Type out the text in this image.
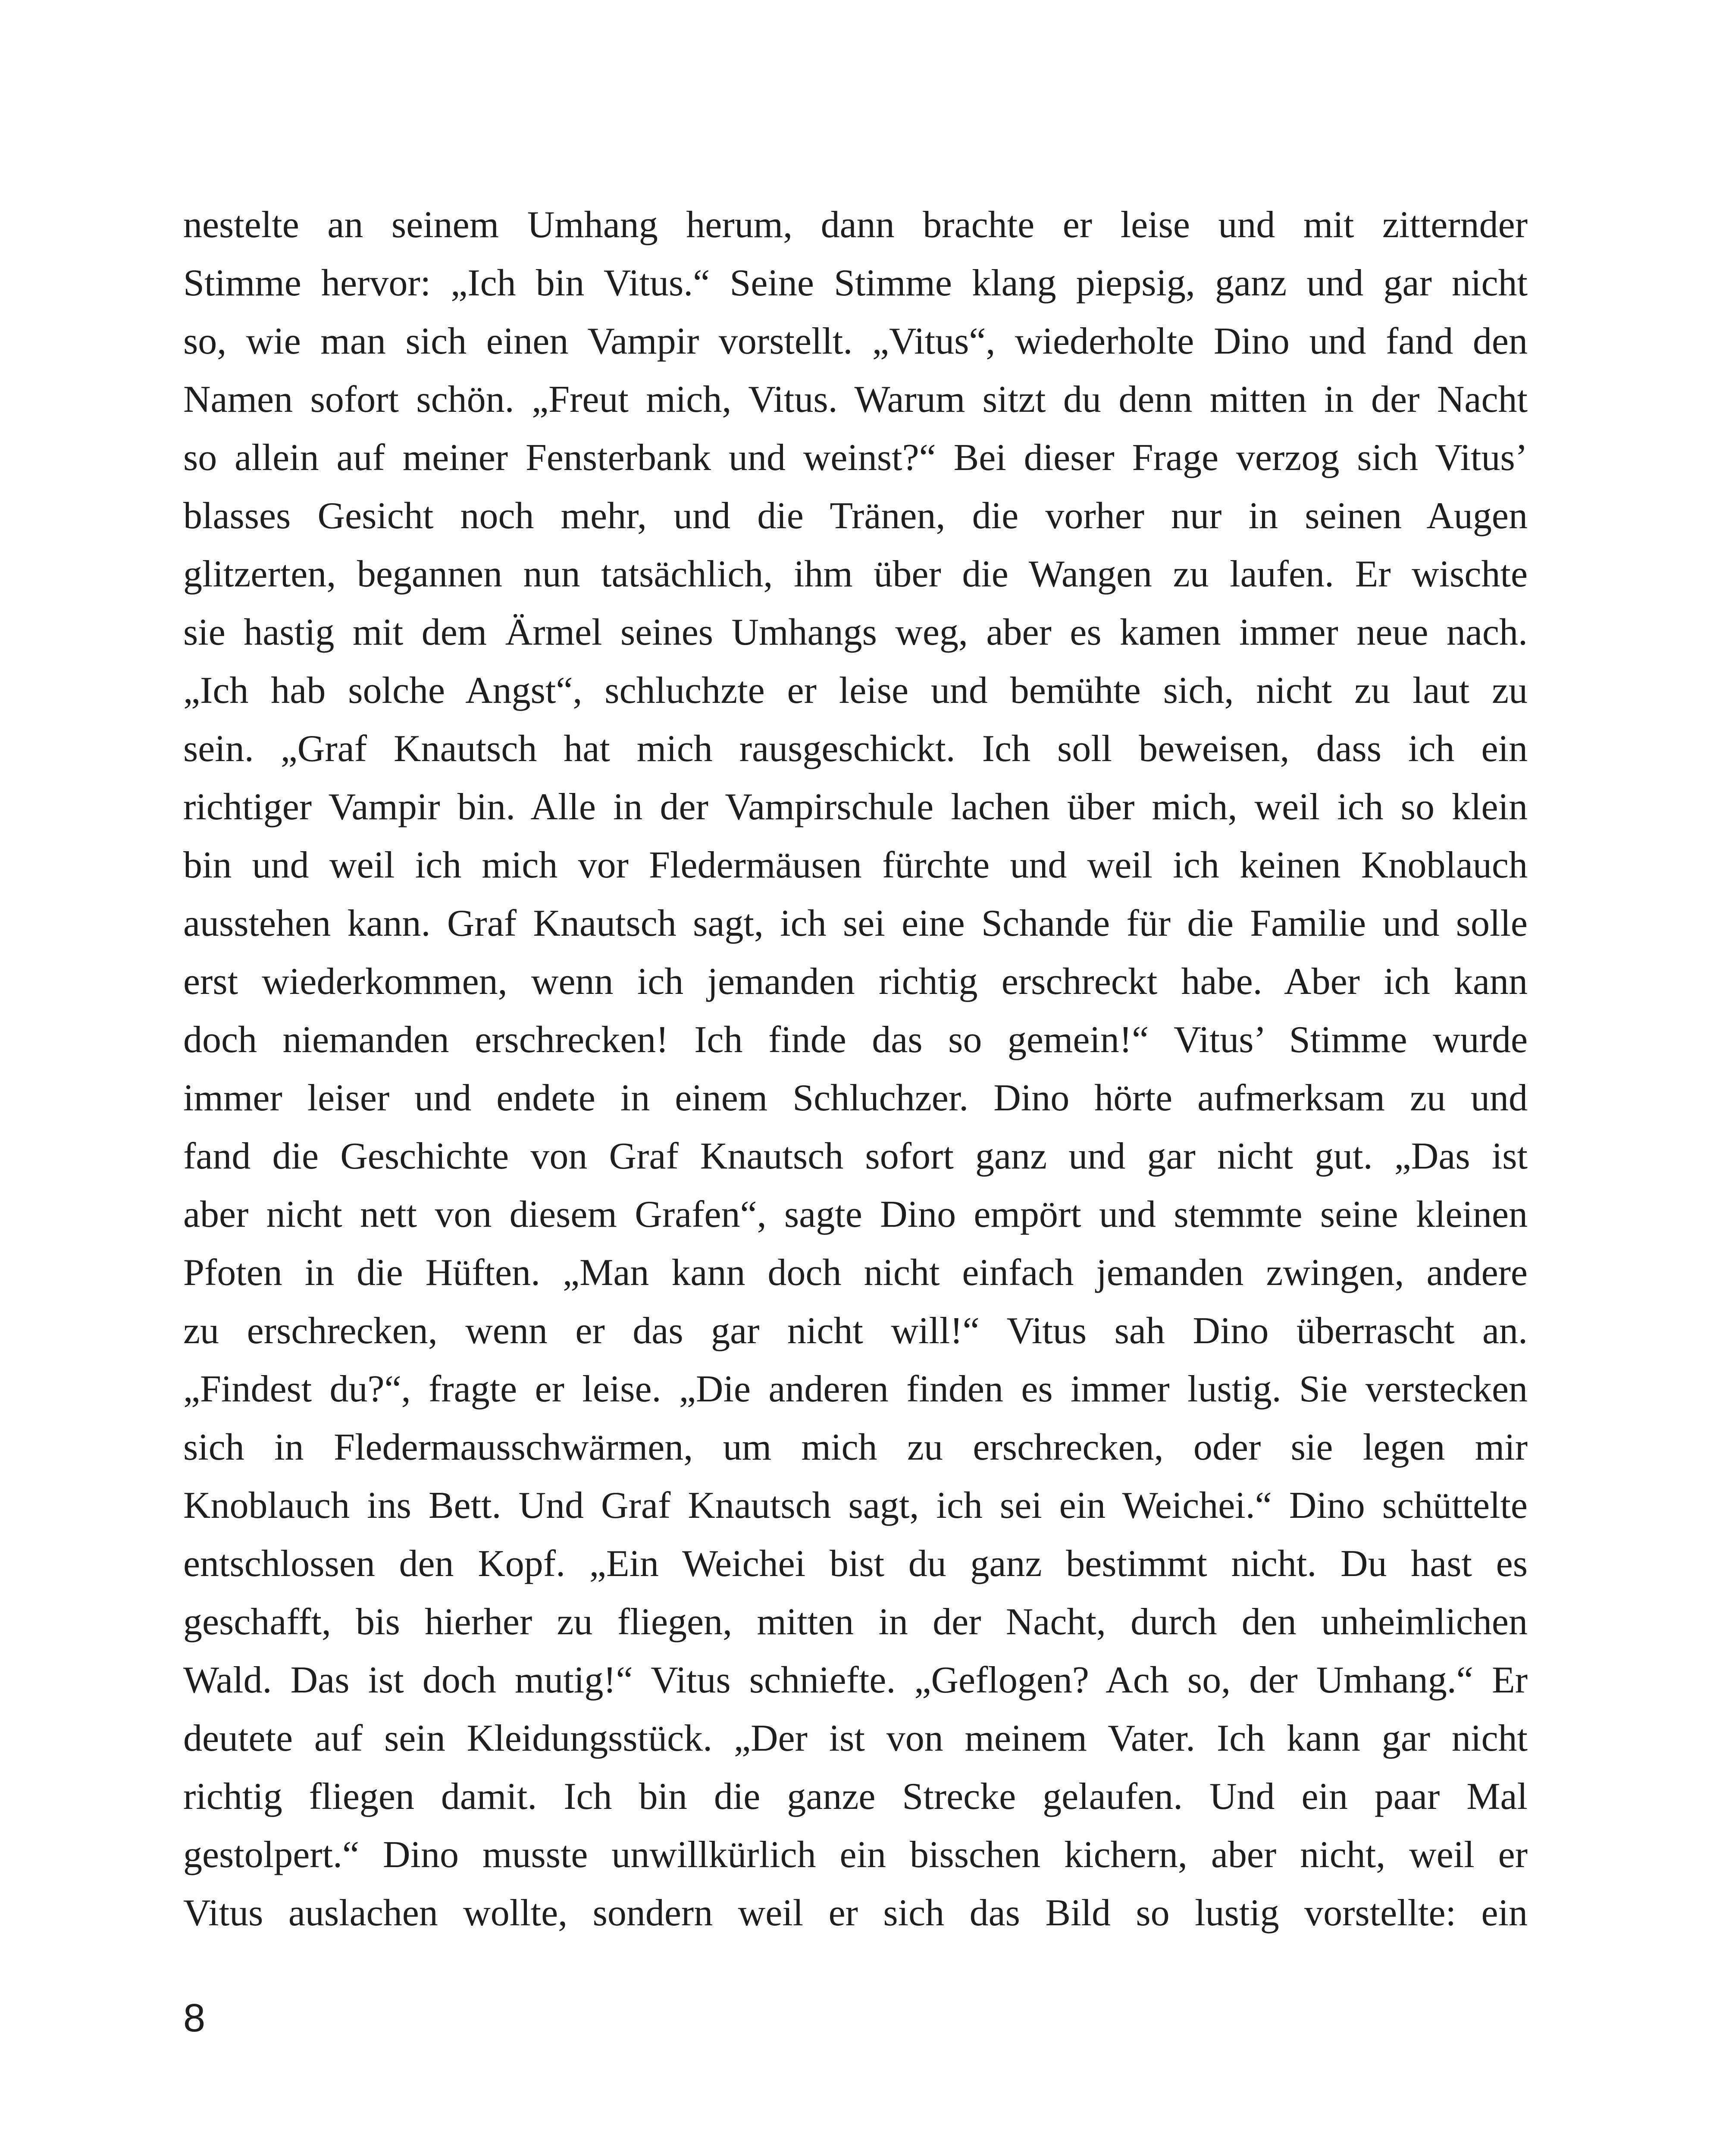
nestelte an seinem Umhang herum, dann brachte er leise und mit zitternder
Stimme hervor: „Ich bin Vitus.“ Seine Stimme klang piepsig, ganz und gar nicht
so, wie man sich einen Vampir vorstellt. „Vitus“, wiederholte Dino und fand den
Namen sofort schön. „Freut mich, Vitus. Warum sitzt du denn mitten in der Nacht
so allein auf meiner Fensterbank und weinst?“ Bei dieser Frage verzog sich Vitus’
blasses Gesicht noch mehr, und die Tränen, die vorher nur in seinen Augen
glitzerten, begannen nun tatsächlich, ihm über die Wangen zu laufen. Er wischte
sie hastig mit dem Ärmel seines Umhangs weg, aber es kamen immer neue nach.
„Ich hab solche Angst“, schluchzte er leise und bemühte sich, nicht zu laut zu
sein. „Graf Knautsch hat mich rausgeschickt. Ich soll beweisen, dass ich ein
richtiger Vampir bin. Alle in der Vampirschule lachen über mich, weil ich so klein
bin und weil ich mich vor Fledermäusen fürchte und weil ich keinen Knoblauch
ausstehen kann. Graf Knautsch sagt, ich sei eine Schande für die Familie und solle
erst wiederkommen, wenn ich jemanden richtig erschreckt habe. Aber ich kann
doch niemanden erschrecken! Ich finde das so gemein!“ Vitus’ Stimme wurde
immer leiser und endete in einem Schluchzer. Dino hörte aufmerksam zu und
fand die Geschichte von Graf Knautsch sofort ganz und gar nicht gut. „Das ist
aber nicht nett von diesem Grafen“, sagte Dino empört und stemmte seine kleinen
Pfoten in die Hüften. „Man kann doch nicht einfach jemanden zwingen, andere
zu erschrecken, wenn er das gar nicht will!“ Vitus sah Dino überrascht an.
„Findest du?“, fragte er leise. „Die anderen finden es immer lustig. Sie verstecken
sich in Fledermausschwärmen, um mich zu erschrecken, oder sie legen mir
Knoblauch ins Bett. Und Graf Knautsch sagt, ich sei ein Weichei.“ Dino schüttelte
entschlossen den Kopf. „Ein Weichei bist du ganz bestimmt nicht. Du hast es
geschafft, bis hierher zu fliegen, mitten in der Nacht, durch den unheimlichen
Wald. Das ist doch mutig!“ Vitus schniefte. „Geflogen? Ach so, der Umhang.“ Er
deutete auf sein Kleidungsstück. „Der ist von meinem Vater. Ich kann gar nicht
richtig fliegen damit. Ich bin die ganze Strecke gelaufen. Und ein paar Mal
gestolpert.“ Dino musste unwillkürlich ein bisschen kichern, aber nicht, weil er
Vitus auslachen wollte, sondern weil er sich das Bild so lustig vorstellte: ein
8
